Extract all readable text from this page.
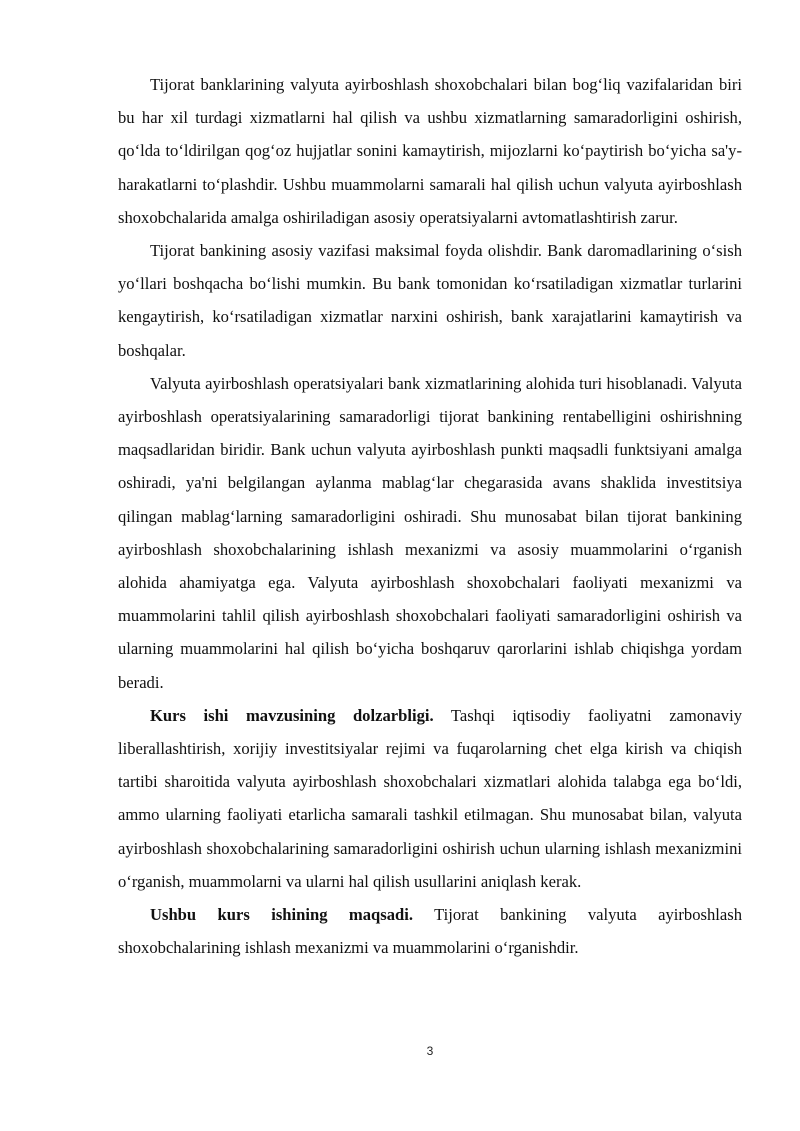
Tijorat banklarining valyuta ayirboshlash shoxobchalari bilan bog‘liq vazifalaridan biri bu har xil turdagi xizmatlarni hal qilish va ushbu xizmatlarning samaradorligini oshirish, qo‘lda to‘ldirilgan qog‘oz hujjatlar sonini kamaytirish, mijozlarni ko‘paytirish bo‘yicha sa'y-harakatlarni to‘plashdir. Ushbu muammolarni samarali hal qilish uchun valyuta ayirboshlash shoxobchalarida amalga oshiriladigan asosiy operatsiyalarni avtomatlashtirish zarur.

Tijorat bankining asosiy vazifasi maksimal foyda olishdir. Bank daromadlarining o‘sish yo‘llari boshqacha bo‘lishi mumkin. Bu bank tomonidan ko‘rsatiladigan xizmatlar turlarini kengaytirish, ko‘rsatiladigan xizmatlar narxini oshirish, bank xarajatlarini kamaytirish va boshqalar.

Valyuta ayirboshlash operatsiyalari bank xizmatlarining alohida turi hisoblanadi. Valyuta ayirboshlash operatsiyalarining samaradorligi tijorat bankining rentabelligini oshirishning maqsadlaridan biridir. Bank uchun valyuta ayirboshlash punkti maqsadli funktsiyani amalga oshiradi, ya'ni belgilangan aylanma mablag‘lar chegarasida avans shaklida investitsiya qilingan mablag‘larning samaradorligini oshiradi. Shu munosabat bilan tijorat bankining ayirboshlash shoxobchalarining ishlash mexanizmi va asosiy muammolarini o‘rganish alohida ahamiyatga ega. Valyuta ayirboshlash shoxobchalari faoliyati mexanizmi va muammolarini tahlil qilish ayirboshlash shoxobchalari faoliyati samaradorligini oshirish va ularning muammolarini hal qilish bo‘yicha boshqaruv qarorlarini ishlab chiqishga yordam beradi.

Kurs ishi mavzusining dolzarbligi. Tashqi iqtisodiy faoliyatni zamonaviy liberallashtirish, xorijiy investitsiyalar rejimi va fuqarolarning chet elga kirish va chiqish tartibi sharoitida valyuta ayirboshlash shoxobchalari xizmatlari alohida talabga ega bo‘ldi, ammo ularning faoliyati etarlicha samarali tashkil etilmagan. Shu munosabat bilan, valyuta ayirboshlash shoxobchalarining samaradorligini oshirish uchun ularning ishlash mexanizmini o‘rganish, muammolarni va ularni hal qilish usullarini aniqlash kerak.

Ushbu kurs ishining maqsadi. Tijorat bankining valyuta ayirboshlash shoxobchalarining ishlash mexanizmi va muammolarini o‘rganishdir.

3
